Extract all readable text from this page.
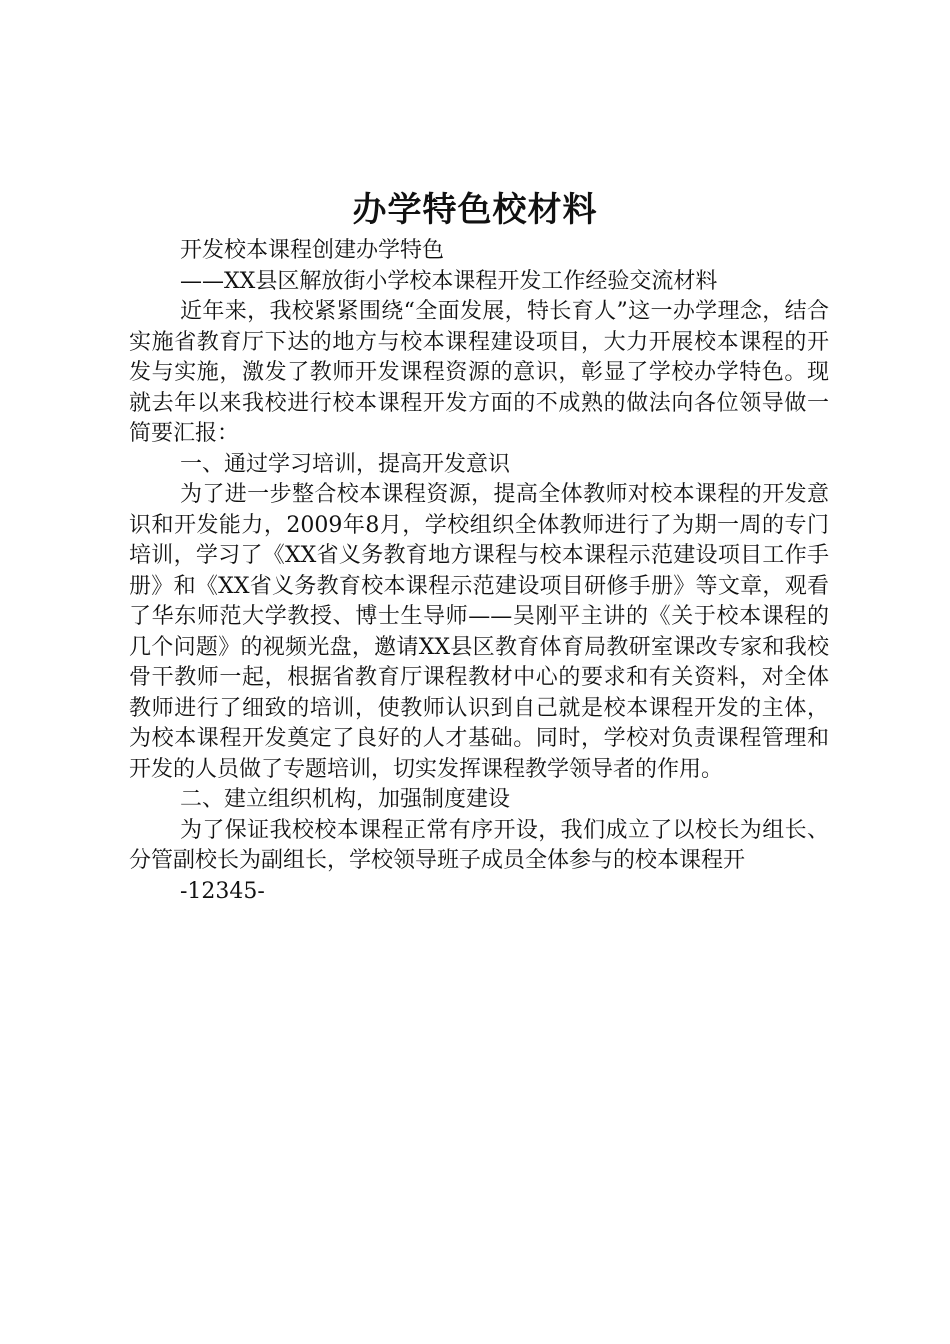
办学特色校材料

开发校本课程创建办学特色

——XX县区解放街小学校本课程开发工作经验交流材料

近年来，我校紧紧围绕“全面发展，特长育人”这一办学理念，结合实施省教育厅下达的地方与校本课程建设项目，大力开展校本课程的开发与实施，激发了教师开发课程资源的意识，彰显了学校办学特色。现就去年以来我校进行校本课程开发方面的不成熟的做法向各位领导做一简要汇报：

一、通过学习培训，提高开发意识

为了进一步整合校本课程资源，提高全体教师对校本课程的开发意识和开发能力，2009年8月，学校组织全体教师进行了为期一周的专门培训，学习了《XX省义务教育地方课程与校本课程示范建设项目工作手册》和《XX省义务教育校本课程示范建设项目研修手册》等文章，观看了华东师范大学教授、博士生导师——吴刚平主讲的《关于校本课程的几个问题》的视频光盘，邀请XX县区教育体育局教研室课改专家和我校骨干教师一起，根据省教育厅课程教材中心的要求和有关资料，对全体教师进行了细致的培训，使教师认识到自己就是校本课程开发的主体，为校本课程开发奠定了良好的人才基础。同时，学校对负责课程管理和开发的人员做了专题培训，切实发挥课程教学领导者的作用。

二、建立组织机构，加强制度建设

为了保证我校校本课程正常有序开设，我们成立了以校长为组长、分管副校长为副组长，学校领导班子成员全体参与的校本课程开

-12345-
